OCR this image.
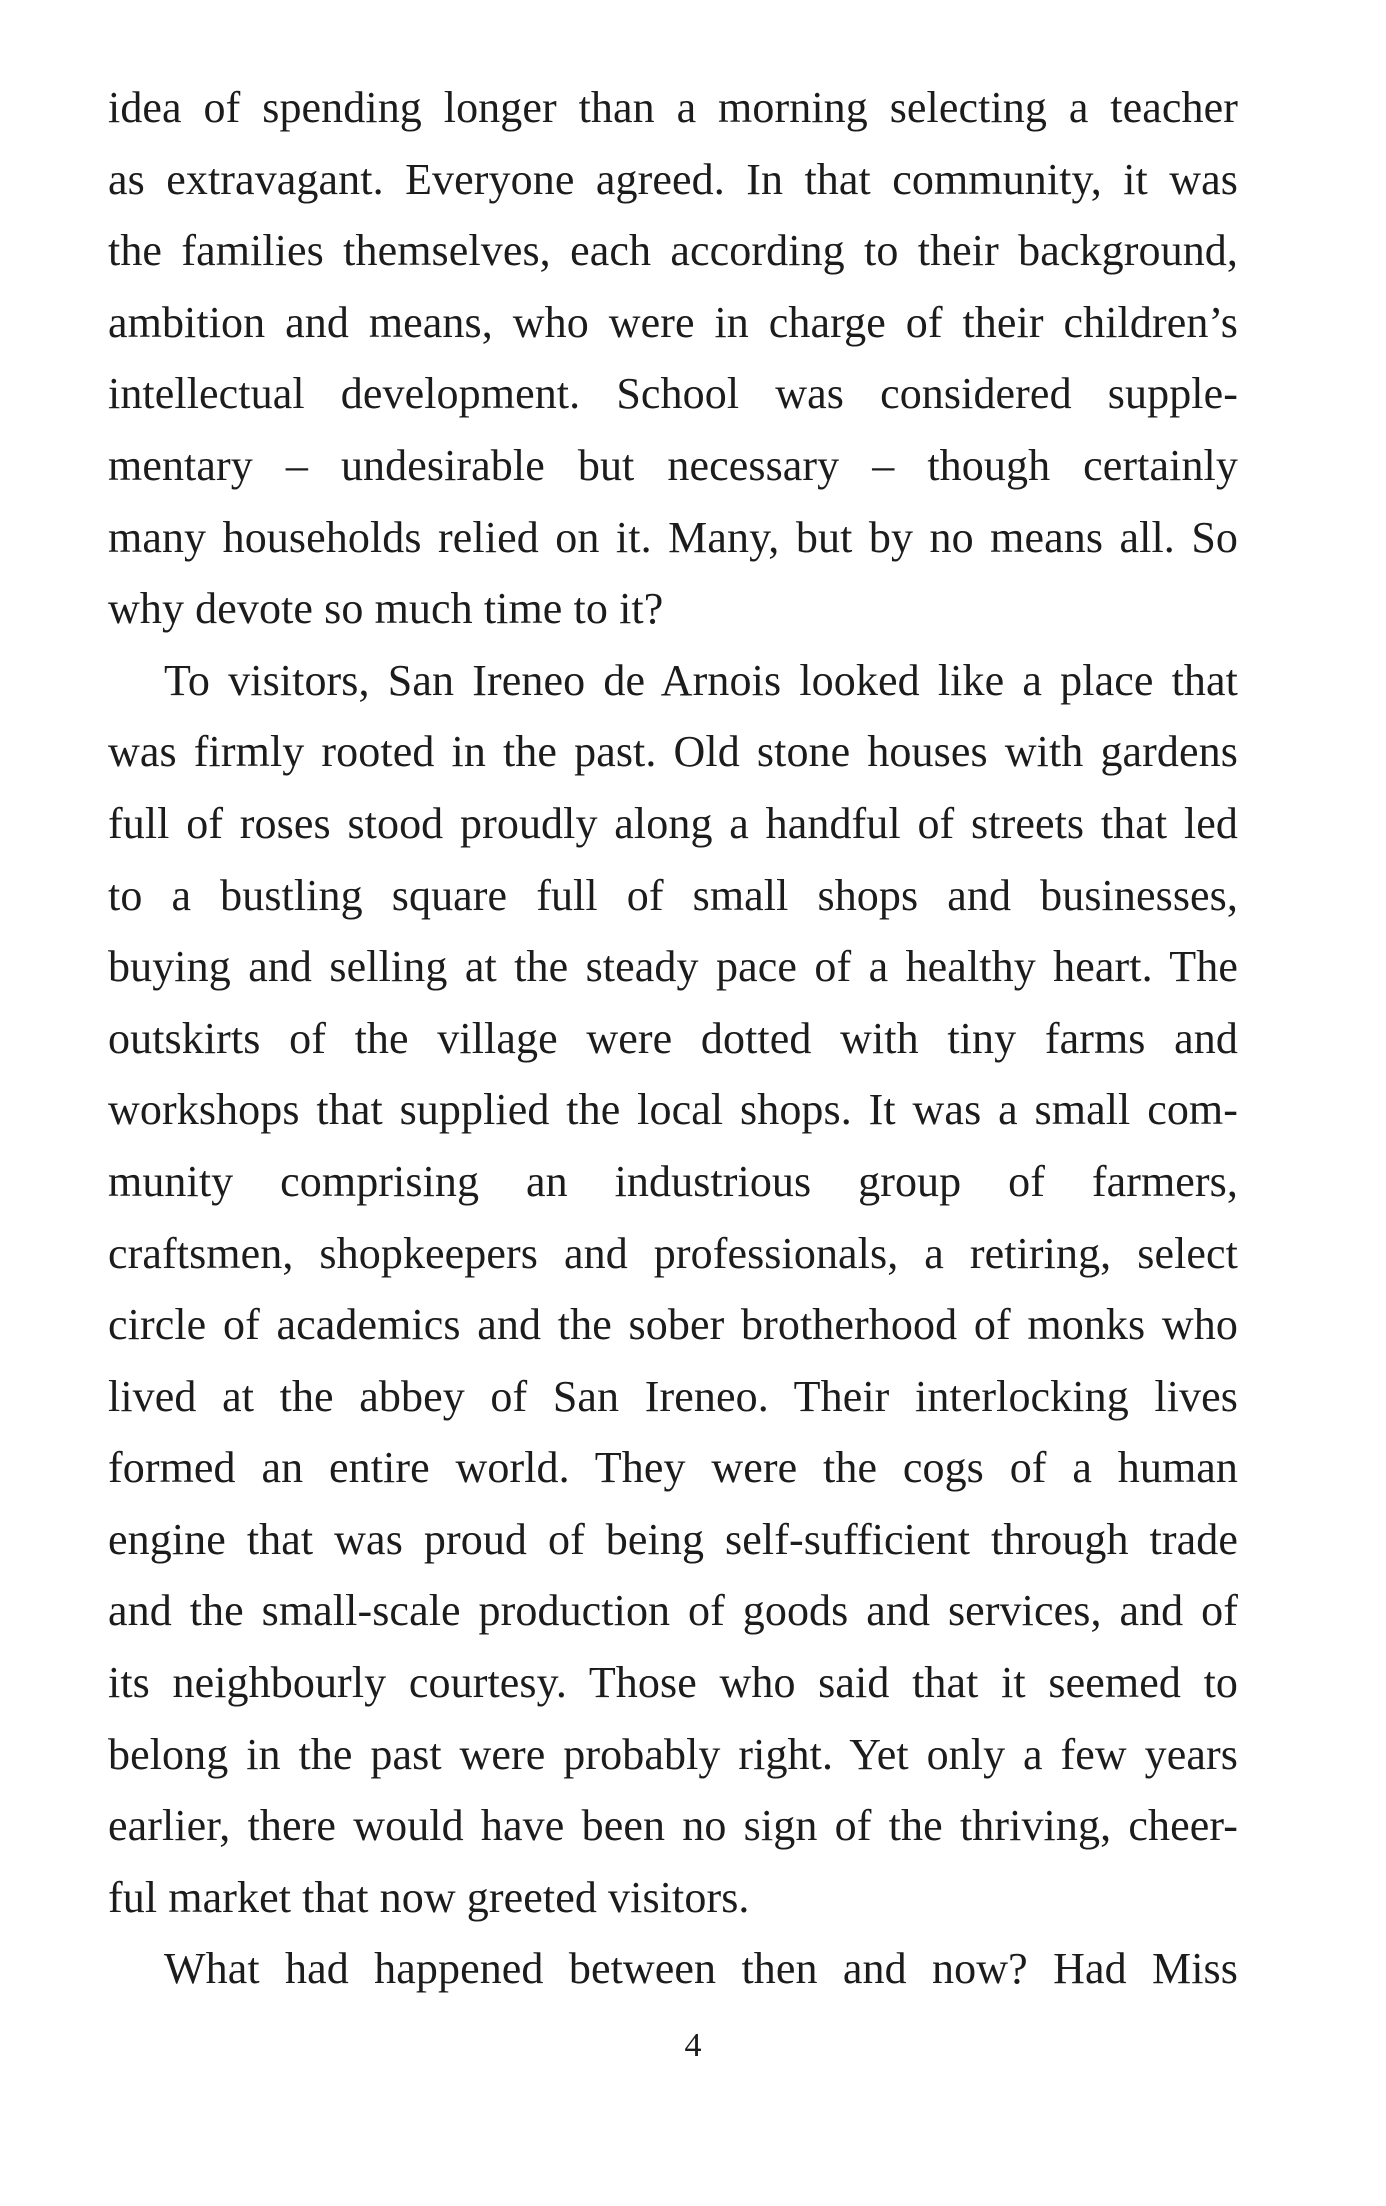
idea of spending longer than a morning selecting a teacher
as extravagant. Everyone agreed. In that community, it was
the families themselves, each according to their background,
ambition and means, who were in charge of their children’s
intellectual development. School was considered supple-
mentary – undesirable but necessary – though certainly
many households relied on it. Many, but by no means all. So
why devote so much time to it?
To visitors, San Ireneo de Arnois looked like a place that
was firmly rooted in the past. Old stone houses with gardens
full of roses stood proudly along a handful of streets that led
to a bustling square full of small shops and businesses,
buying and selling at the steady pace of a healthy heart. The
outskirts of the village were dotted with tiny farms and
workshops that supplied the local shops. It was a small com-
munity comprising an industrious group of farmers,
craftsmen, shopkeepers and professionals, a retiring, select
circle of academics and the sober brotherhood of monks who
lived at the abbey of San Ireneo. Their interlocking lives
formed an entire world. They were the cogs of a human
engine that was proud of being self-sufficient through trade
and the small-scale production of goods and services, and of
its neighbourly courtesy. Those who said that it seemed to
belong in the past were probably right. Yet only a few years
earlier, there would have been no sign of the thriving, cheer-
ful market that now greeted visitors.
What had happened between then and now? Had Miss
4
